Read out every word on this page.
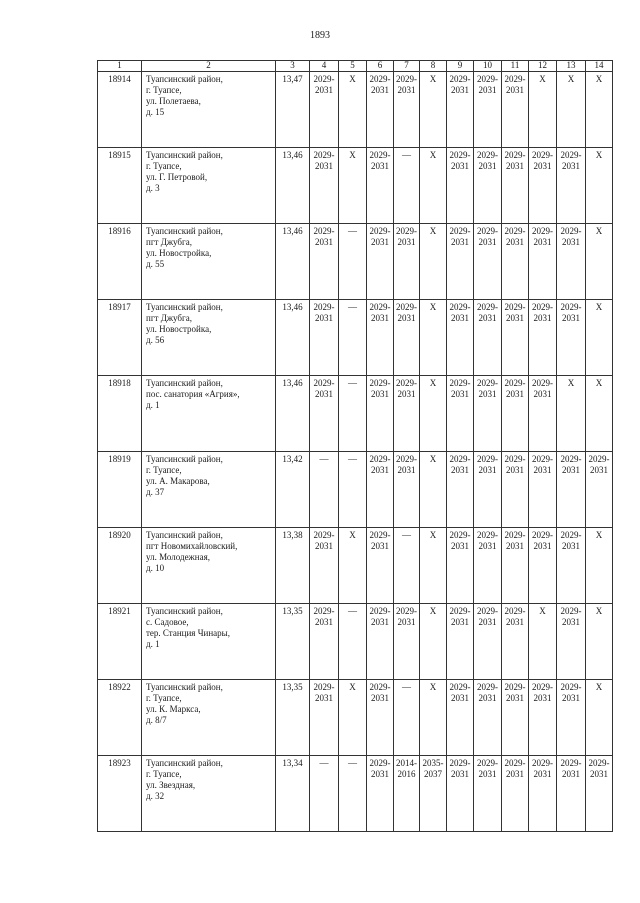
1893
1	2	3	4	5	6	7	8	9	10	11	12	13	14
18914	Туапсинский район,
г. Туапсе,
ул. Полетаева,
д. 15	13,47	2029-
2031	Х	2029-
2031	2029-
2031	Х	2029-
2031	2029-
2031	2029-
2031	Х	Х	Х

18915	Туапсинский район,
г. Туапсе,
ул. Г. Петровой,
д. 3	13,46	2029-
2031	Х	2029-
2031	—	Х	2029-
2031	2029-
2031	2029-
2031	2029-
2031	2029-
2031	Х

18916	Туапсинский район,
пгт Джубга,
ул. Новостройка,
д. 55	13,46	2029-
2031	—	2029-
2031	2029-
2031	Х	2029-
2031	2029-
2031	2029-
2031	2029-
2031	2029-
2031	Х

18917	Туапсинский район,
пгт Джубга,
ул. Новостройка,
д. 56	13,46	2029-
2031	—	2029-
2031	2029-
2031	Х	2029-
2031	2029-
2031	2029-
2031	2029-
2031	2029-
2031	Х

18918	Туапсинский район,
пос. санатория «Агрия»,
д. 1	13,46	2029-
2031	—	2029-
2031	2029-
2031	Х	2029-
2031	2029-
2031	2029-
2031	2029-
2031	Х	Х

18919	Туапсинский район,
г. Туапсе,
ул. А. Макарова,
д. 37	13,42	—	—	2029-
2031	2029-
2031	Х	2029-
2031	2029-
2031	2029-
2031	2029-
2031	2029-
2031	2029-
2031

18920	Туапсинский район,
пгт Новомихайловский,
ул. Молодежная,
д. 10	13,38	2029-
2031	Х	2029-
2031	—	Х	2029-
2031	2029-
2031	2029-
2031	2029-
2031	2029-
2031	Х

18921	Туапсинский район,
с. Садовое,
тер. Станция Чинары,
д. 1	13,35	2029-
2031	—	2029-
2031	2029-
2031	Х	2029-
2031	2029-
2031	2029-
2031	Х	2029-
2031	Х

18922	Туапсинский район,
г. Туапсе,
ул. К. Маркса,
д. 8/7	13,35	2029-
2031	Х	2029-
2031	—	Х	2029-
2031	2029-
2031	2029-
2031	2029-
2031	2029-
2031	Х

18923	Туапсинский район,
г. Туапсе,
ул. Звездная,
д. 32	13,34	—	—	2029-
2031	2014-
2016	2035-
2037	2029-
2031	2029-
2031	2029-
2031	2029-
2031	2029-
2031	2029-
2031
